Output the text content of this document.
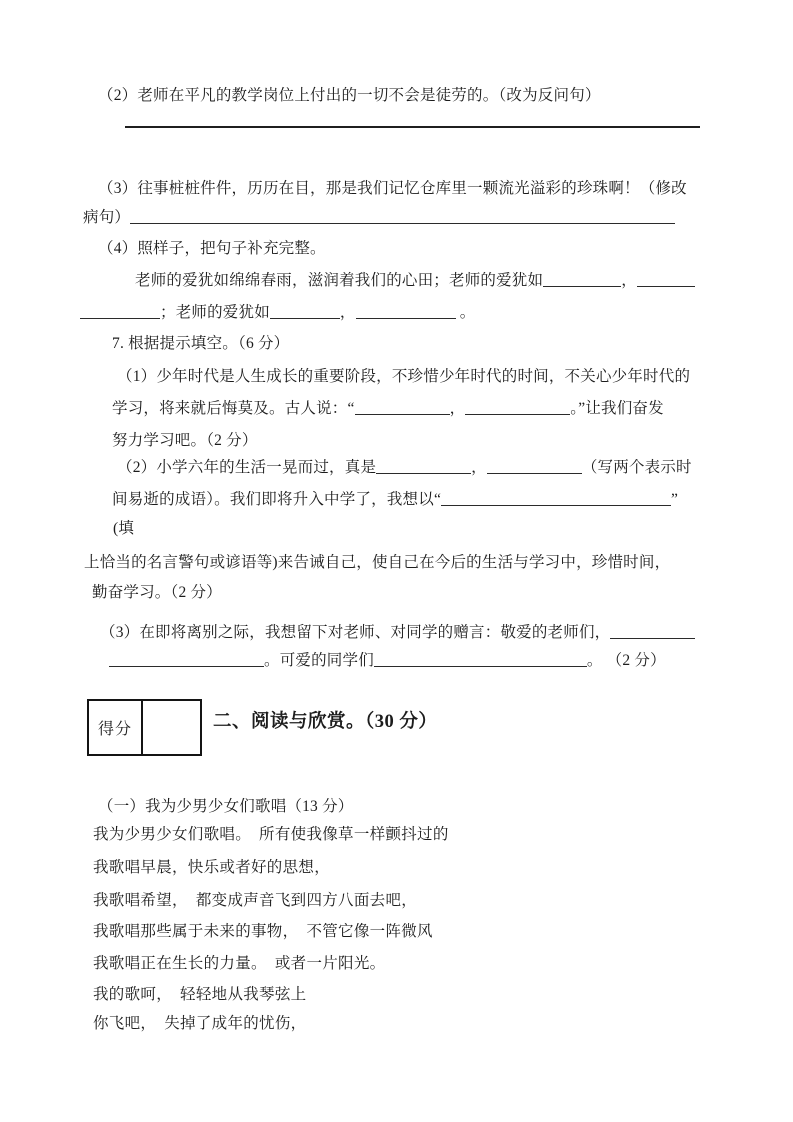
（2）老师在平凡的教学岗位上付出的一切不会是徒劳的。（改为反问句）
（3）往事桩桩件件，历历在目，那是我们记忆仓库里一颗流光溢彩的珍珠啊！（修改
病句）
（4）照样子，把句子补充完整。
老师的爱犹如绵绵春雨，滋润着我们的心田；老师的爱犹如	，
；老师的爱犹如	，	。
7. 根据提示填空。（6 分）
（1）少年时代是人生成长的重要阶段，不珍惜少年时代的时间，不关心少年时代的
学习，将来就后悔莫及。古人说：“	，	。”让我们奋发
努力学习吧。（2 分）
（2）小学六年的生活一晃而过，真是	，	（写两个表示时
间易逝的成语）。我们即将升入中学了，我想以“	”
(填
上恰当的名言警句或谚语等)来告诫自己，使自己在今后的生活与学习中，珍惜时间，
勤奋学习。（2 分）
（3）在即将离别之际，我想留下对老师、对同学的赠言：敬爱的老师们，
。可爱的同学们	。 （2 分）
得分	二、阅读与欣赏。（30 分）
（一）我为少男少女们歌唱（13 分）
我为少男少女们歌唱。　所有使我像草一样颤抖过的
我歌唱早晨，快乐或者好的思想，
我歌唱希望，　都变成声音飞到四方八面去吧，
我歌唱那些属于未来的事物，　不管它像一阵微风
我歌唱正在生长的力量。　或者一片阳光。
我的歌呵，　轻轻地从我琴弦上
你飞吧，　失掉了成年的忧伤，
